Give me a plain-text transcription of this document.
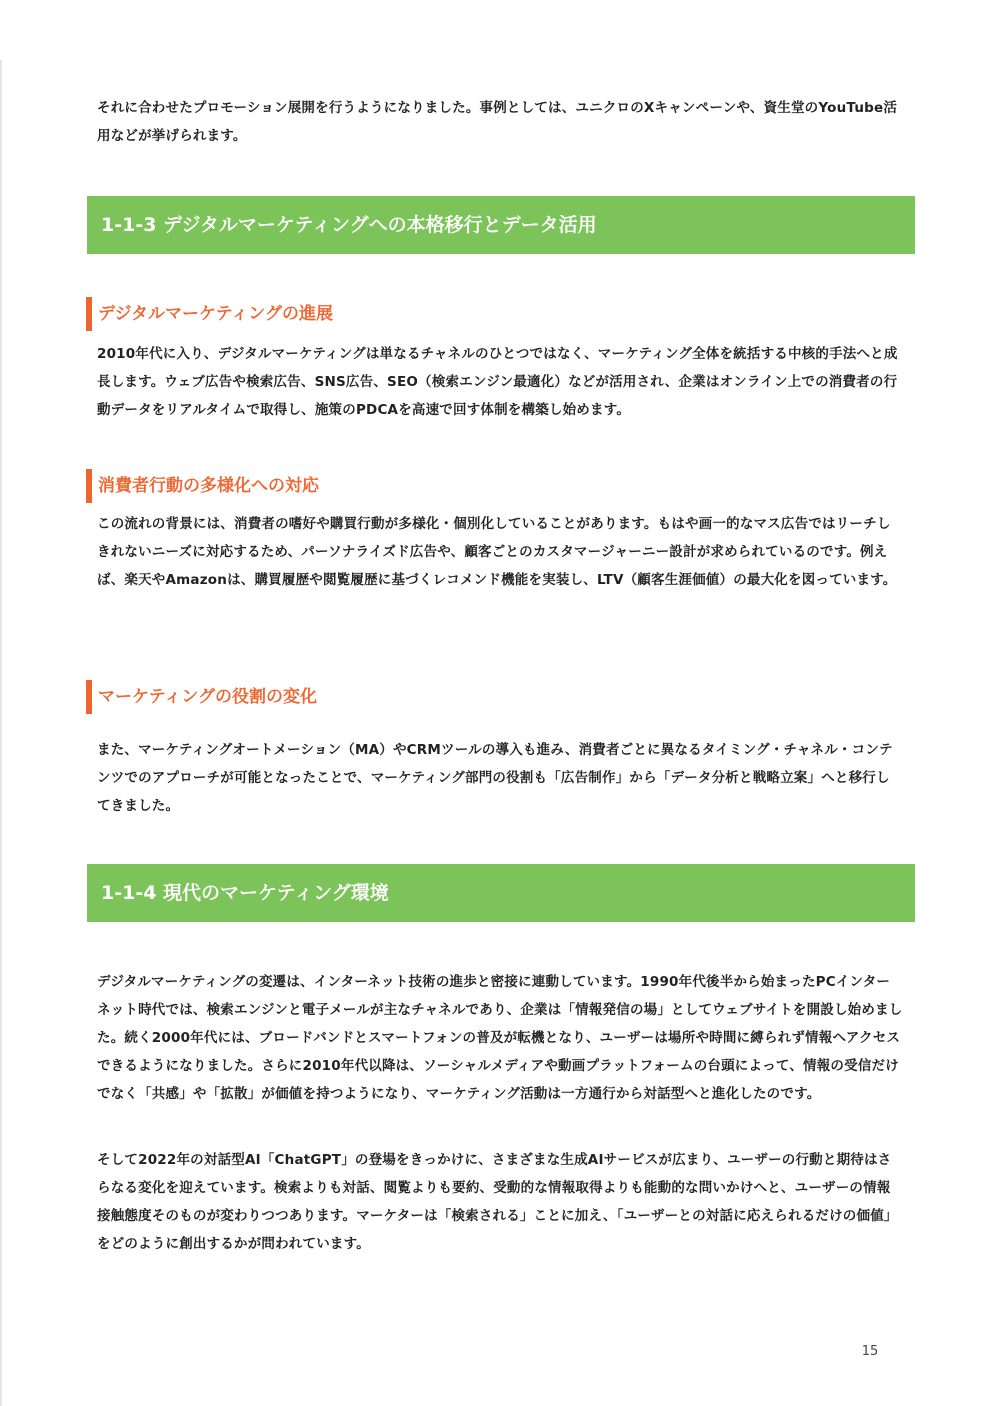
それに合わせたプロモーション展開を行うようになりました。事例としては、ユニクロのXキャンペーンや、資生堂のYouTube活用などが挙げられます。

1-1-3 デジタルマーケティングへの本格移行とデータ活用
デジタルマーケティングの進展

2010年代に入り、デジタルマーケティングは単なるチャネルのひとつではなく、マーケティング全体を統括する中核的手法へと成長します。ウェブ広告や検索広告、SNS広告、SEO（検索エンジン最適化）などが活用され、企業はオンライン上での消費者の行動データをリアルタイムで取得し、施策のPDCAを高速で回す体制を構築し始めます。

消費者行動の多様化への対応

この流れの背景には、消費者の嗜好や購買行動が多様化・個別化していることがあります。もはや画一的なマス広告ではリーチしきれないニーズに対応するため、パーソナライズド広告や、顧客ごとのカスタマージャーニー設計が求められているのです。例えば、楽天やAmazonは、購買履歴や閲覧履歴に基づくレコメンド機能を実装し、LTV（顧客生涯価値）の最大化を図っています。

マーケティングの役割の変化

また、マーケティングオートメーション（MA）やCRMツールの導入も進み、消費者ごとに異なるタイミング・チャネル・コンテンツでのアプローチが可能となったことで、マーケティング部門の役割も「広告制作」から「データ分析と戦略立案」へと移行してきました。

1-1-4 現代のマーケティング環境

デジタルマーケティングの変遷は、インターネット技術の進歩と密接に連動しています。1990年代後半から始まったPCインターネット時代では、検索エンジンと電子メールが主なチャネルであり、企業は「情報発信の場」としてウェブサイトを開設し始めました。続く2000年代には、ブロードバンドとスマートフォンの普及が転機となり、ユーザーは場所や時間に縛られず情報へアクセスできるようになりました。さらに2010年代以降は、ソーシャルメディアや動画プラットフォームの台頭によって、情報の受信だけでなく「共感」や「拡散」が価値を持つようになり、マーケティング活動は一方通行から対話型へと進化したのです。

そして2022年の対話型AI「ChatGPT」の登場をきっかけに、さまざまな生成AIサービスが広まり、ユーザーの行動と期待はさらなる変化を迎えています。検索よりも対話、閲覧よりも要約、受動的な情報取得よりも能動的な問いかけへと、ユーザーの情報接触態度そのものが変わりつつあります。マーケターは「検索される」ことに加え、「ユーザーとの対話に応えられるだけの価値」をどのように創出するかが問われています。

15
